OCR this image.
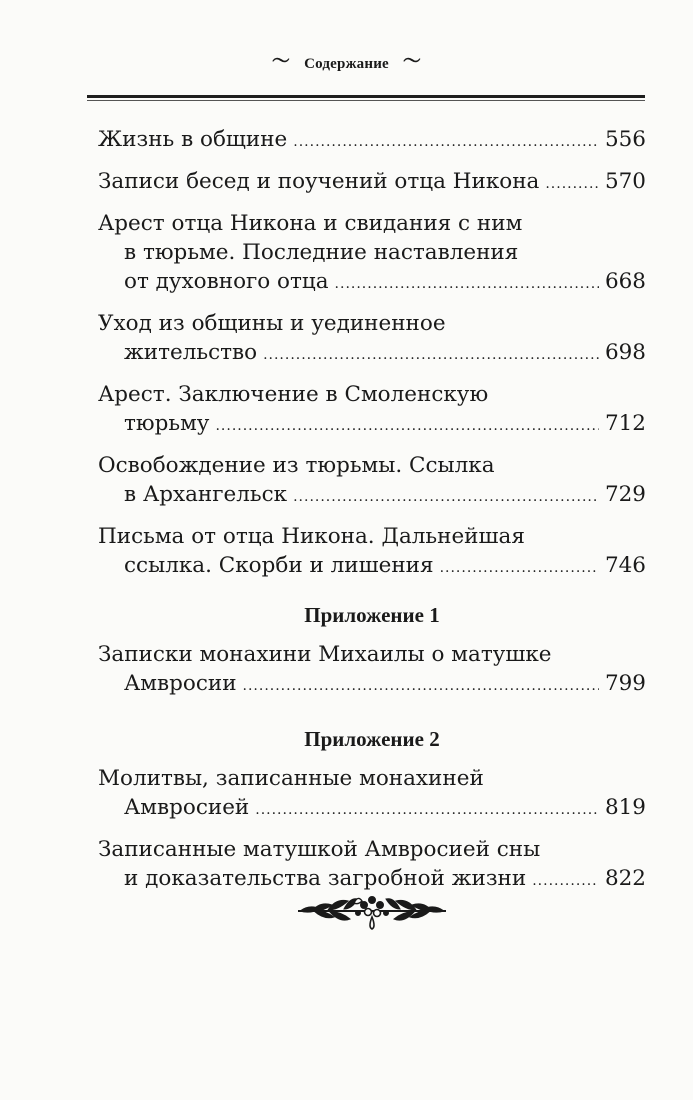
〜 Содержание 〜
Жизнь в общине .....	556
Записи бесед и поучений отца Никона .....	570
Арест отца Никона и свидания с ним
в тюрьме. Последние наставления
от духовного отца .....	668
Уход из общины и уединенное
жительство .....	698
Арест. Заключение в Смоленскую
тюрьму .....	712
Освобождение из тюрьмы. Ссылка
в Архангельск .....	729
Письма от отца Никона. Дальнейшая
ссылка. Скорби и лишения .....	746
Приложение 1
Записки монахини Михаилы о матушке
Амвросии .....	799
Приложение 2
Молитвы, записанные монахиней
Амвросией .....	819
Записанные матушкой Амвросией сны
и доказательства загробной жизни .....	822
